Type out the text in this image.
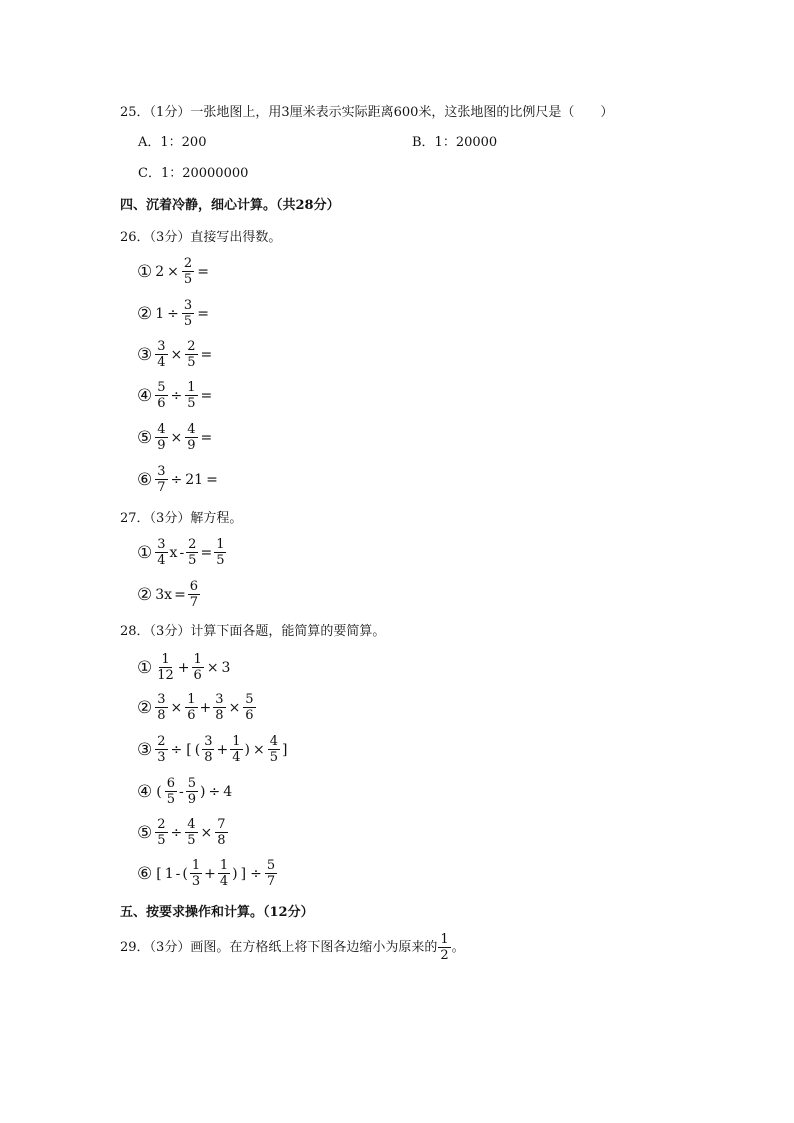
25．（1分）一张地图上，用3厘米表示实际距离600米，这张地图的比例尺是（　　）
A．1：200	B．1：20000
C．1：20000000
四、沉着冷静，细心计算。（共28分）
26．（3分）直接写出得数。
① $2 \times \frac{2}{5}$ =
② $1 \div \frac{3}{5}$ =
③ $\frac{3}{4} \times \frac{2}{5}$ =
④ $\frac{5}{6} \div \frac{1}{5}$ =
⑤ $\frac{4}{9} \times \frac{4}{9}$ =
⑥ $\frac{3}{7} \div 21$ =
27．（3分）解方程。
① $\frac{3}{4}$ $x - \frac{2}{5} = \frac{1}{5}$
② $3x = \frac{6}{7}$
28．（3分）计算下面各题，能简算的要简算。
① $\frac{1}{12} + \frac{1}{6} \times 3$
② $\frac{3}{8} \times \frac{1}{6} + \frac{3}{8} \times \frac{5}{6}$
③ $\frac{2}{3}$ ÷ [ ( $\frac{3}{8} + \frac{1}{4}$ ) × $\frac{4}{5}$ ]
④ ( $\frac{6}{5} - \frac{5}{9}$ ) ÷ 4
⑤ $\frac{2}{5} \div \frac{4}{5} \times \frac{7}{8}$
⑥ [ 1 - ( $\frac{1}{3} + \frac{1}{4}$ ) ] ÷ $\frac{5}{7}$
五、按要求操作和计算。（12分）
29．（3分）画图。在方格纸上将下图各边缩小为原来的 $\frac{1}{2}$ 。
